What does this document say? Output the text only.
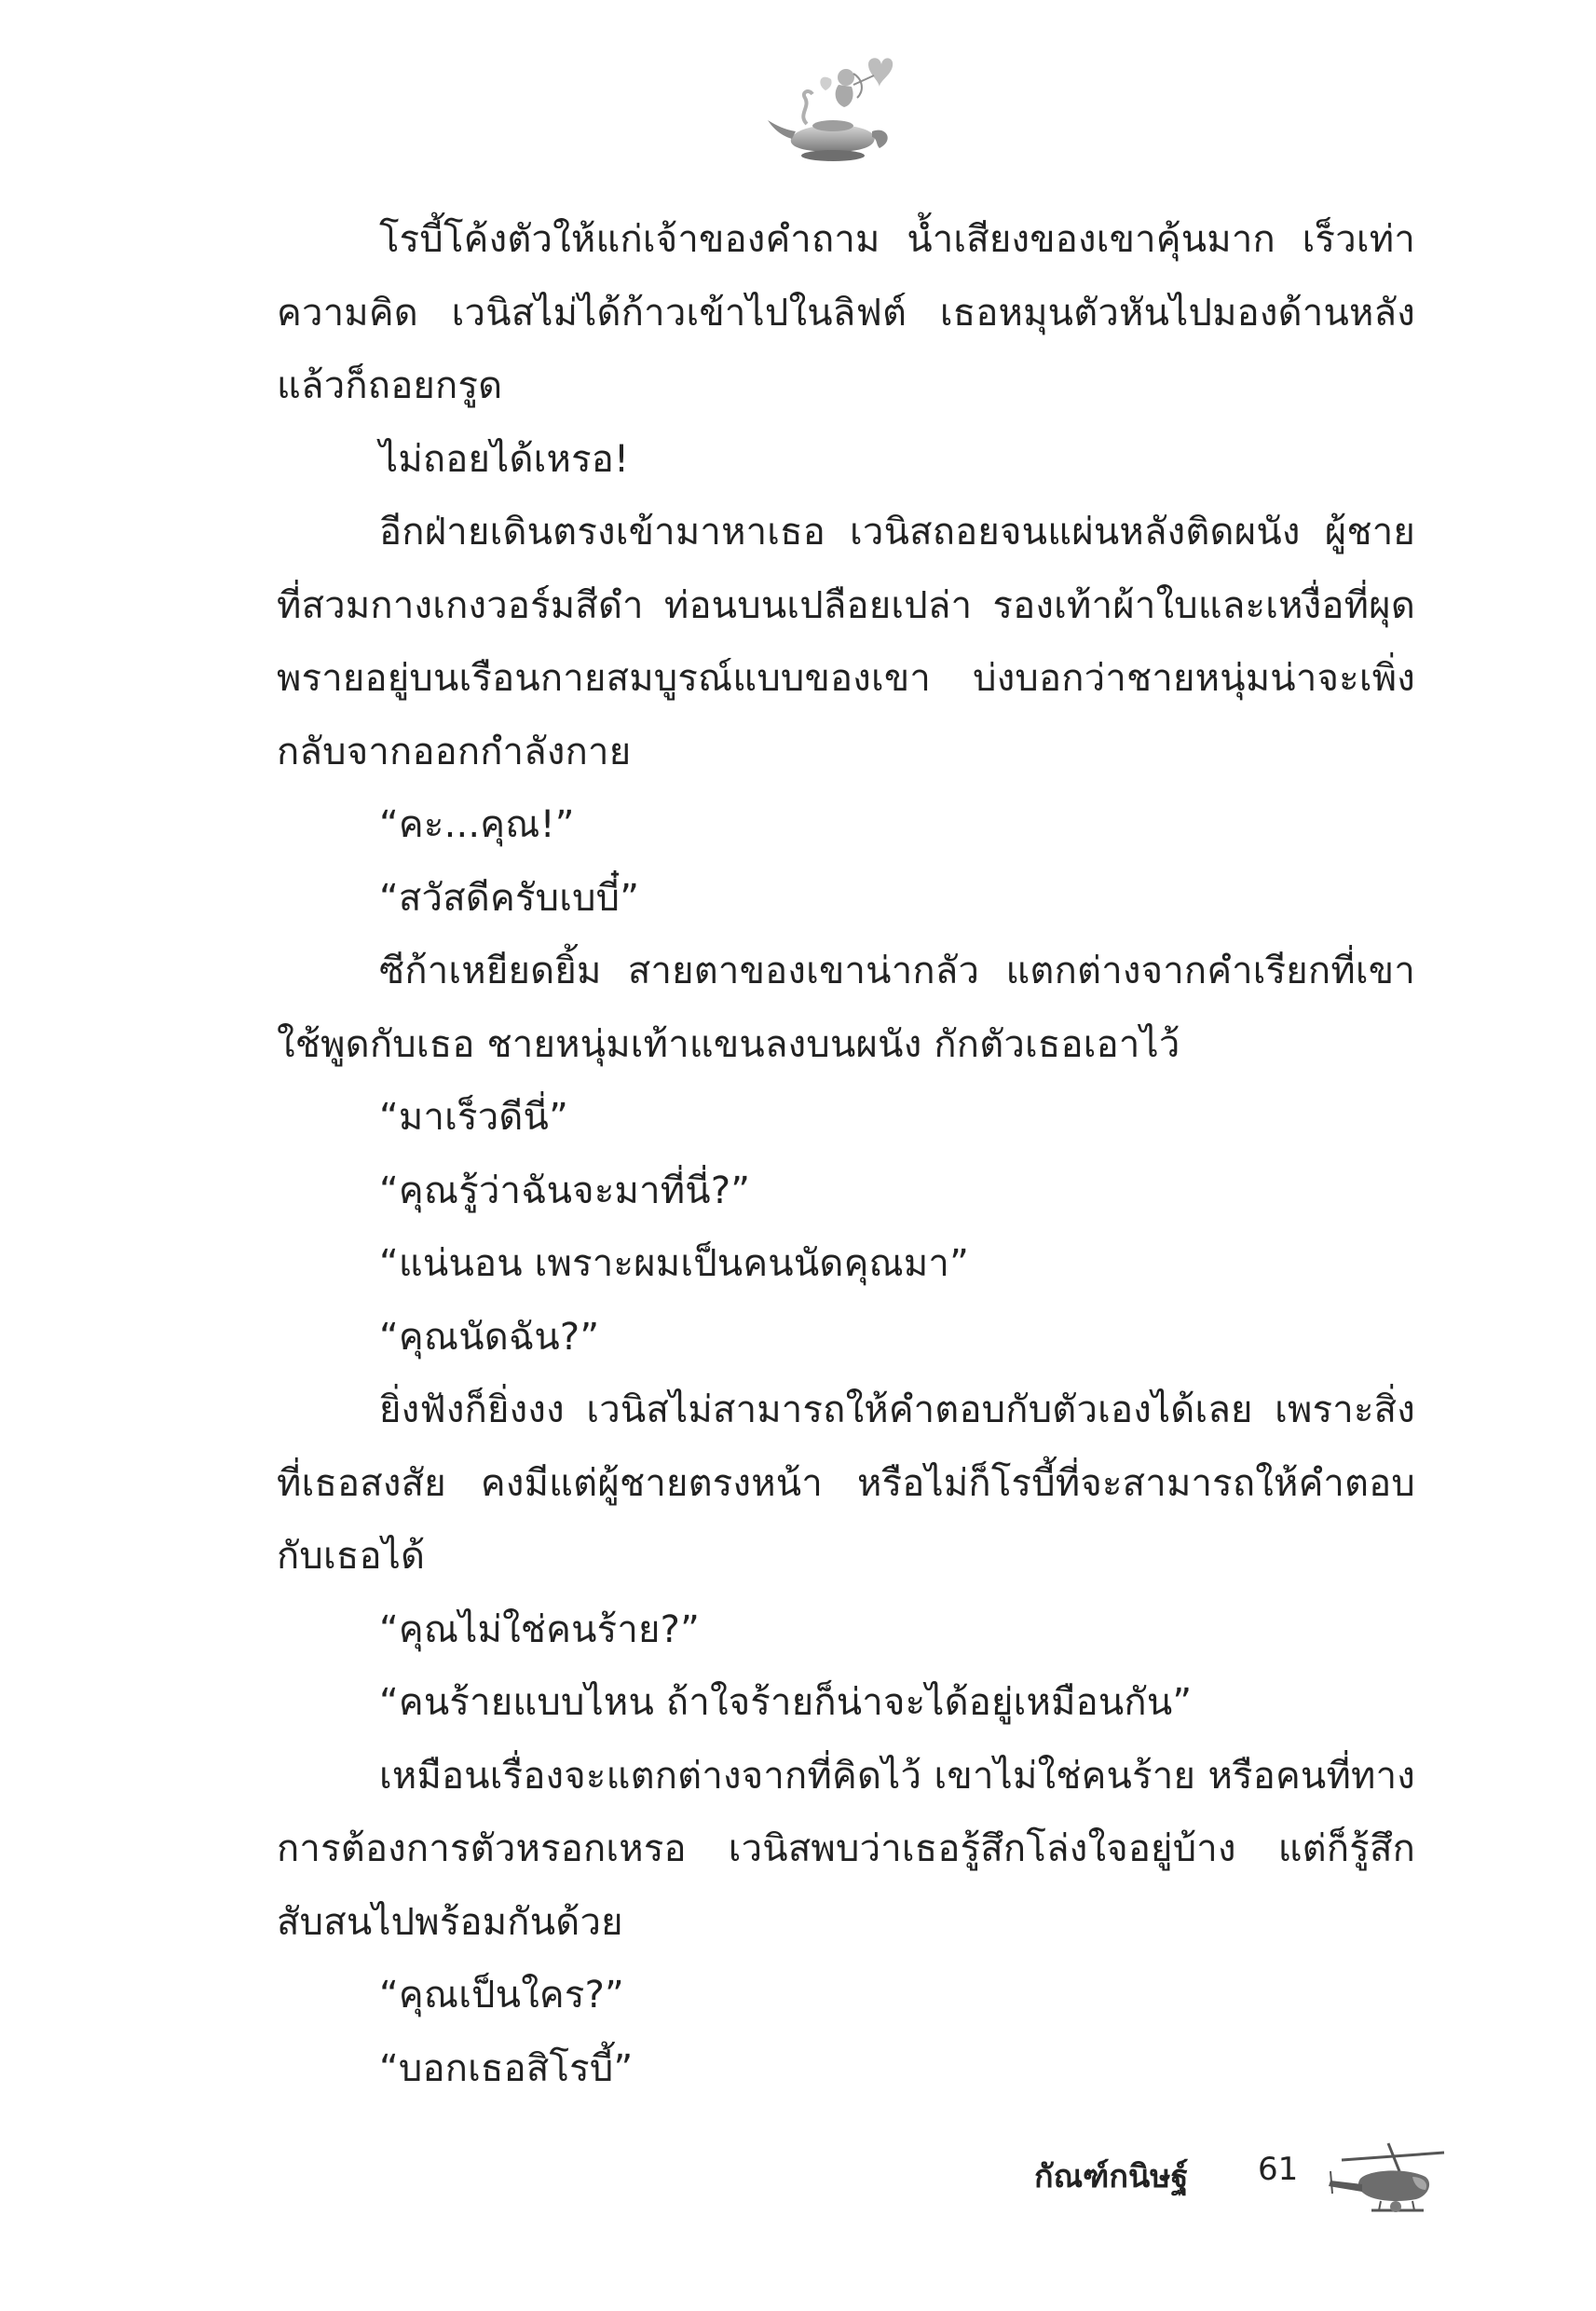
โรบี้โค้งตัวให้แก่เจ้าของคำถาม น้ำเสียงของเขาคุ้นมาก เร็วเท่าความคิด เวนิสไม่ได้ก้าวเข้าไปในลิฟต์ เธอหมุนตัวหันไปมองด้านหลังแล้วก็ถอยกรูด

ไม่ถอยได้เหรอ!

อีกฝ่ายเดินตรงเข้ามาหาเธอ เวนิสถอยจนแผ่นหลังติดผนัง ผู้ชายที่สวมกางเกงวอร์มสีดำ ท่อนบนเปลือยเปล่า รองเท้าผ้าใบและเหงื่อที่ผุดพรายอยู่บนเรือนกายสมบูรณ์แบบของเขา บ่งบอกว่าชายหนุ่มน่าจะเพิ่งกลับจากออกกำลังกาย

“คะ...คุณ!”

“สวัสดีครับเบบี๋”

ซีก้าเหยียดยิ้ม สายตาของเขาน่ากลัว แตกต่างจากคำเรียกที่เขาใช้พูดกับเธอ ชายหนุ่มเท้าแขนลงบนผนัง กักตัวเธอเอาไว้

“มาเร็วดีนี่”

“คุณรู้ว่าฉันจะมาที่นี่?”

“แน่นอน เพราะผมเป็นคนนัดคุณมา”

“คุณนัดฉัน?”

ยิ่งฟังก็ยิ่งงง เวนิสไม่สามารถให้คำตอบกับตัวเองได้เลย เพราะสิ่งที่เธอสงสัย คงมีแต่ผู้ชายตรงหน้า หรือไม่ก็โรบี้ที่จะสามารถให้คำตอบกับเธอได้

“คุณไม่ใช่คนร้าย?”

“คนร้ายแบบไหน ถ้าใจร้ายก็น่าจะได้อยู่เหมือนกัน”

เหมือนเรื่องจะแตกต่างจากที่คิดไว้ เขาไม่ใช่คนร้าย หรือคนที่ทางการต้องการตัวหรอกเหรอ เวนิสพบว่าเธอรู้สึกโล่งใจอยู่บ้าง แต่ก็รู้สึกสับสนไปพร้อมกันด้วย

“คุณเป็นใคร?”

“บอกเธอสิโรบี้”

กัณฑ์กนิษฐ์ 61
